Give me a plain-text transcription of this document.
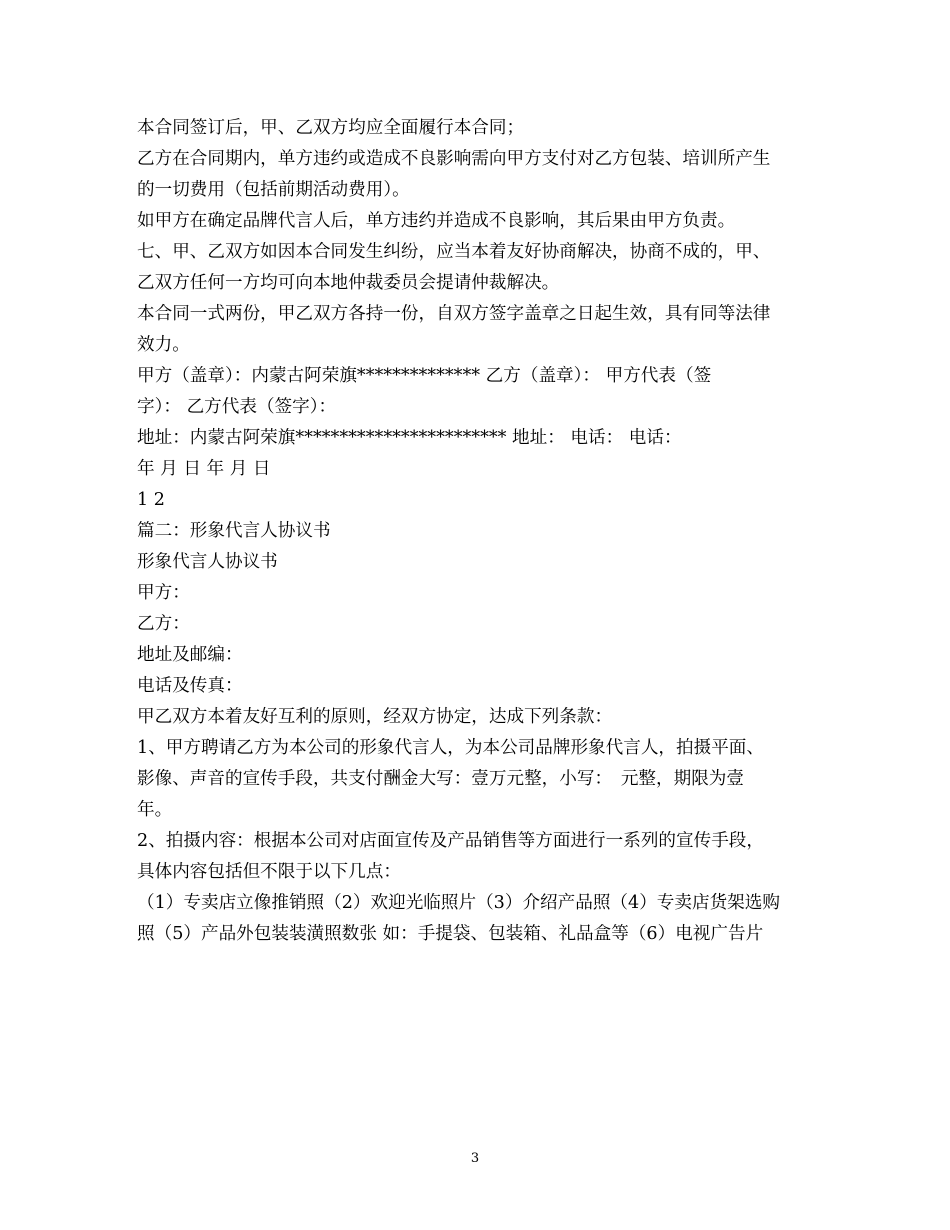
本合同签订后，甲、乙双方均应全面履行本合同；
乙方在合同期内，单方违约或造成不良影响需向甲方支付对乙方包装、培训所产生
的一切费用（包括前期活动费用）。
如甲方在确定品牌代言人后，单方违约并造成不良影响，其后果由甲方负责。
七、甲、乙双方如因本合同发生纠纷，应当本着友好协商解决，协商不成的，甲、
乙双方任何一方均可向本地仲裁委员会提请仲裁解决。
本合同一式两份，甲乙双方各持一份，自双方签字盖章之日起生效，具有同等法律
效力。
甲方（盖章）：内蒙古阿荣旗************** 乙方（盖章）： 甲方代表（签
字）： 乙方代表（签字）：
地址：内蒙古阿荣旗************************ 地址： 电话： 电话：
年 月 日 年 月 日
1 2
篇二：形象代言人协议书
形象代言人协议书
甲方：
乙方：
地址及邮编：
电话及传真：
甲乙双方本着友好互利的原则，经双方协定，达成下列条款：
1、甲方聘请乙方为本公司的形象代言人，为本公司品牌形象代言人，拍摄平面、
影像、声音的宣传手段，共支付酬金大写：壹万元整，小写：　元整，期限为壹
年。
2、拍摄内容：根据本公司对店面宣传及产品销售等方面进行一系列的宣传手段，
具体内容包括但不限于以下几点：
（1）专卖店立像推销照（2）欢迎光临照片（3）介绍产品照（4）专卖店货架选购
照（5）产品外包装装潢照数张 如：手提袋、包装箱、礼品盒等（6）电视广告片
3
